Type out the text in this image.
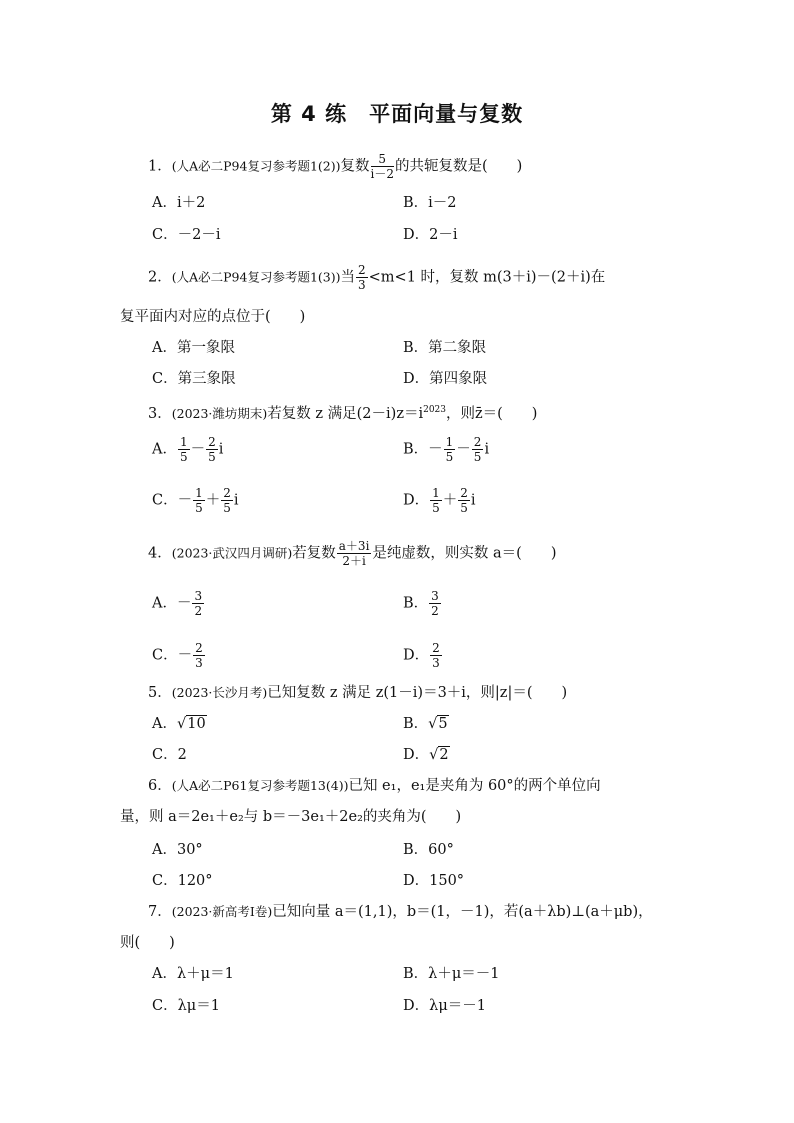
第 4 练　平面向量与复数
1．(人A必二P94复习参考题1(2))复数 $\frac{5}{i-2}$ 的共轭复数是(　　)
A．i＋2	B．i－2
C．－2－i	D．2－i
2．(人A必二P94复习参考题1(3))当 $\frac{2}{3} <m<1$ 时，复数 m(3＋i)－(2＋i)在
复平面内对应的点位于(　　)
A．第一象限	B．第二象限
C．第三象限	D．第四象限
3．(2023·潍坊期末)若复数 z 满足$(2-i)z=i^{2023}$，则z̄＝(　　)
A． $\frac{1}{5} - \frac{2}{5}$ i	B．－ $\frac{1}{5} - \frac{2}{5}$ i
C．－ $\frac{1}{5} + \frac{2}{5}$ i	D． $\frac{1}{5} + \frac{2}{5}$ i
4．(2023·武汉四月调研)若复数 $\frac{a+3i}{2+i}$ 是纯虚数，则实数 a＝(　　)
A．－ $\frac{3}{2}$	B． $\frac{3}{2}$
C．－ $\frac{2}{3}$	D． $\frac{2}{3}$
5．(2023·长沙月考)已知复数 z 满足 z(1－i)＝3＋i，则|z|＝(　　)
A．√10	B．√5
C．2	D．√2
6．(人A必二P61复习参考题13(4))已知 e₁，e₁是夹角为 60°的两个单位向
量，则 a＝2e₁＋e₂与 b＝－3e₁＋2e₂的夹角为(　　)
A．30°	B．60°
C．120°	D．150°
7．(2023·新高考Ⅰ卷)已知向量 a＝(1,1)，b＝(1，－1)，若(a＋λb)⊥(a＋μb)，
则(　　)
A．λ＋μ＝1	B．λ＋μ＝－1
C．λμ＝1	D．λμ＝－1
